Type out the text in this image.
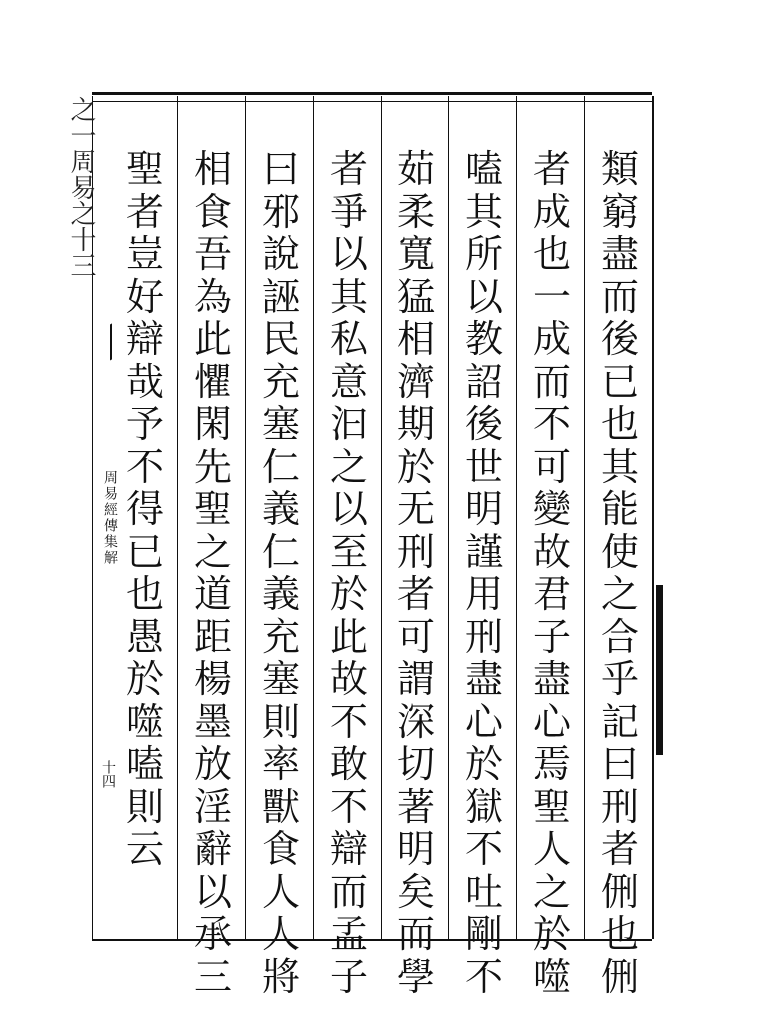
之一周易之十三
周易經傳集解
十四
類
窮
盡
而
後
已
也
其
能
使
之
合
乎
記
曰
刑
者
侀
也
侀
者
成
也
一
成
而
不
可
變
故
君
子
盡
心
焉
聖
人
之
於
噬
嗑
其
所
以
教
詔
後
世
明
謹
用
刑
盡
心
於
獄
不
吐
剛
不
茹
柔
寬
猛
相
濟
期
於
无
刑
者
可
謂
深
切
著
明
矣
而
學
者
爭
以
其
私
意
汩
之
以
至
於
此
故
不
敢
不
辯
而
孟
子
曰
邪
說
誣
民
充
塞
仁
義
仁
義
充
塞
則
率
獸
食
人
人
將
相
食
吾
為
此
懼
閑
先
聖
之
道
距
楊
墨
放
淫
辭
以
承
三
聖
者
豈
好
辯
哉
予
不
得
已
也
愚
於
噬
嗑
則
云
